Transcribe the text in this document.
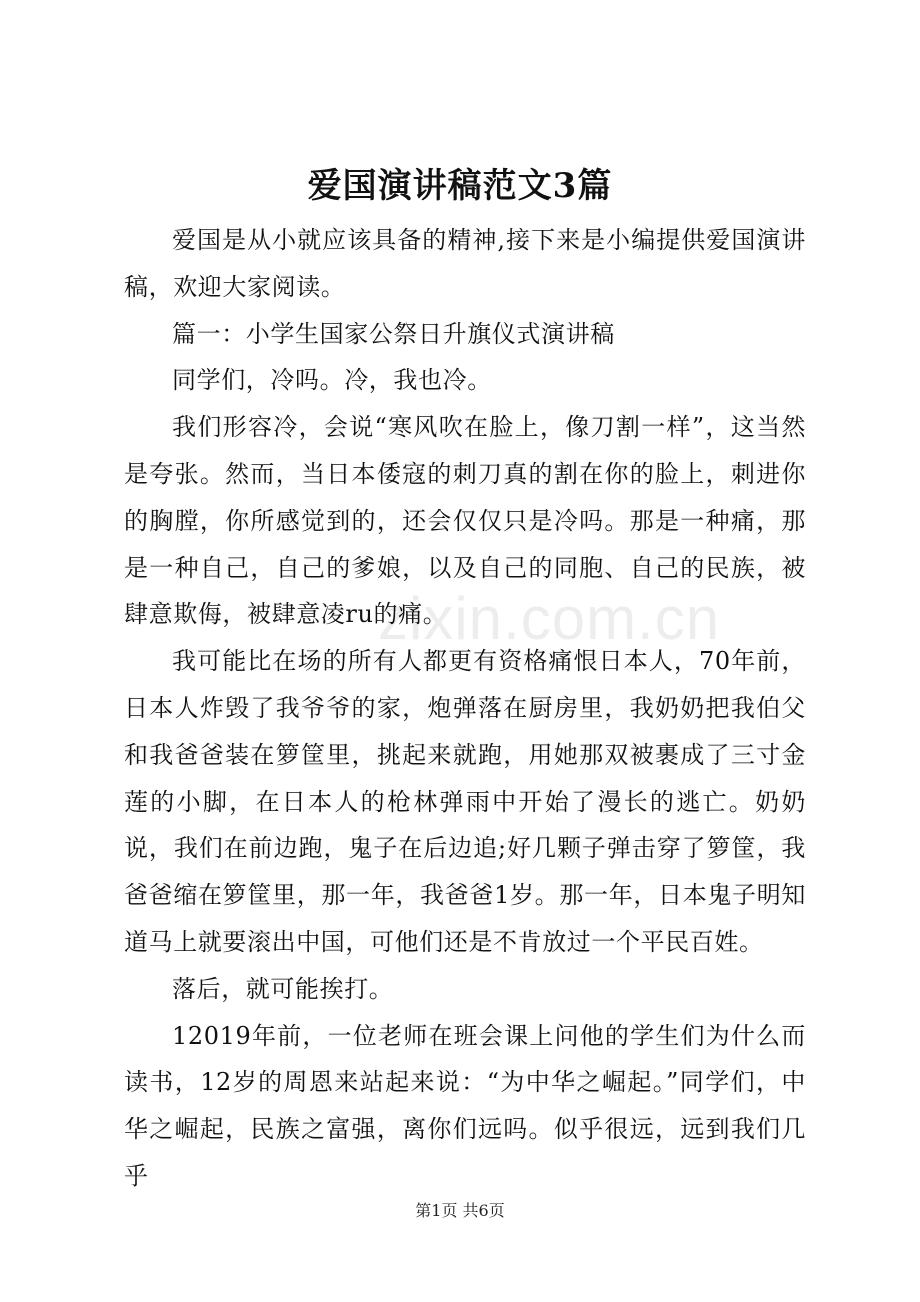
爱国演讲稿范文3篇

爱国是从小就应该具备的精神,接下来是小编提供爱国演讲稿，欢迎大家阅读。

篇一：小学生国家公祭日升旗仪式演讲稿

同学们，冷吗。冷，我也冷。

我们形容冷，会说“寒风吹在脸上，像刀割一样”，这当然是夸张。然而，当日本倭寇的刺刀真的割在你的脸上，刺进你的胸膛，你所感觉到的，还会仅仅只是冷吗。那是一种痛，那是一种自己，自己的爹娘，以及自己的同胞、自己的民族，被肆意欺侮，被肆意凌ru的痛。

我可能比在场的所有人都更有资格痛恨日本人，70年前，日本人炸毁了我爷爷的家，炮弹落在厨房里，我奶奶把我伯父和我爸爸装在箩筐里，挑起来就跑，用她那双被裹成了三寸金莲的小脚，在日本人的枪林弹雨中开始了漫长的逃亡。奶奶说，我们在前边跑，鬼子在后边追;好几颗子弹击穿了箩筐，我爸爸缩在箩筐里，那一年，我爸爸1岁。那一年，日本鬼子明知道马上就要滚出中国，可他们还是不肯放过一个平民百姓。

落后，就可能挨打。

12019年前，一位老师在班会课上问他的学生们为什么而读书，12岁的周恩来站起来说：“为中华之崛起。”同学们，中华之崛起，民族之富强，离你们远吗。似乎很远，远到我们几乎

zixin.com.cn
第1页 共6页
